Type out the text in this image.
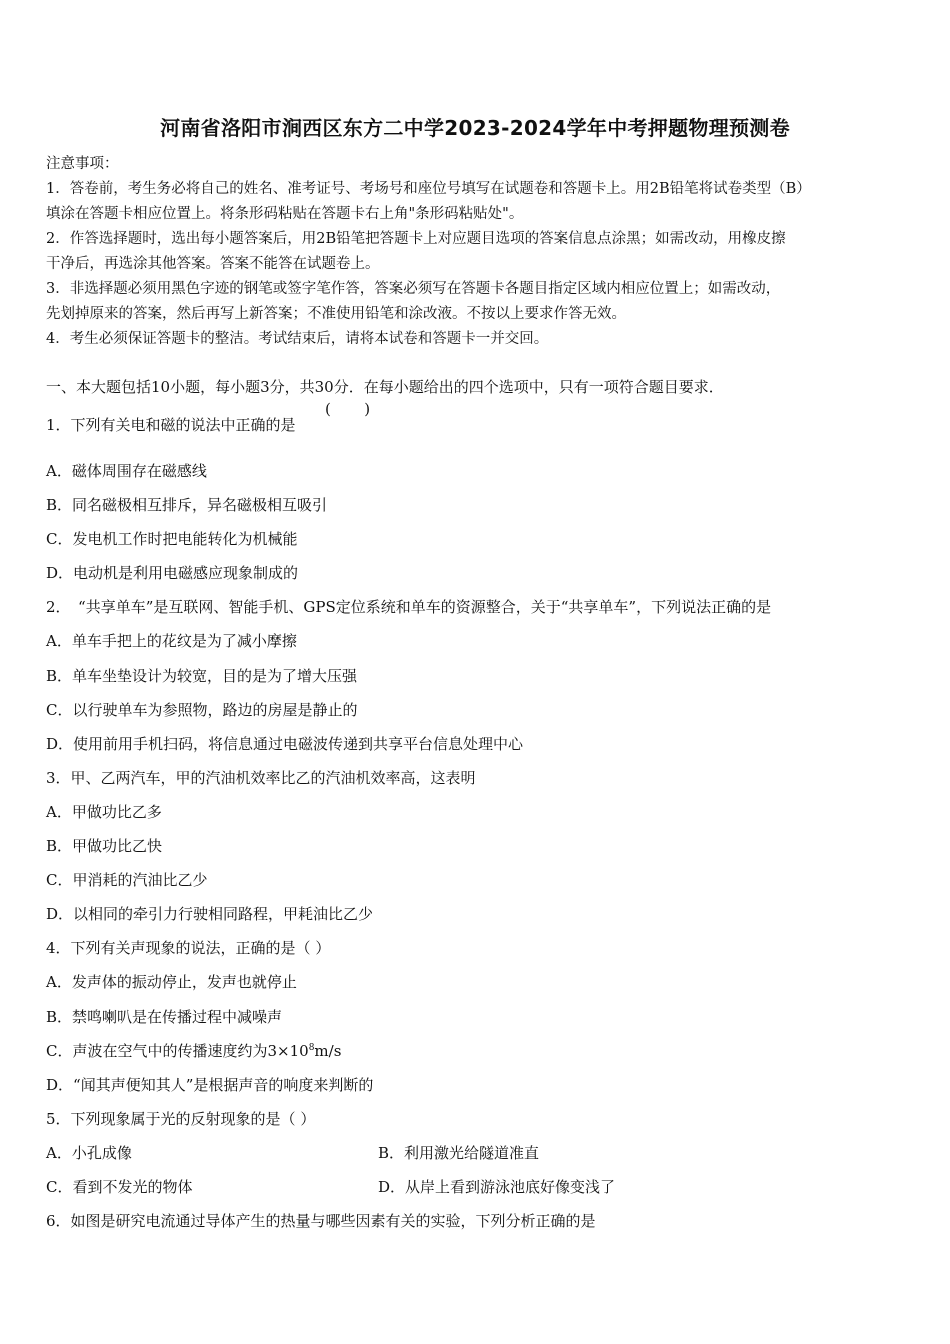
河南省洛阳市涧西区东方二中学2023-2024学年中考押题物理预测卷
注意事项：
1．答卷前，考生务必将自己的姓名、准考证号、考场号和座位号填写在试题卷和答题卡上。用2B铅笔将试卷类型（B）
填涂在答题卡相应位置上。将条形码粘贴在答题卡右上角"条形码粘贴处"。
2．作答选择题时，选出每小题答案后，用2B铅笔把答题卡上对应题目选项的答案信息点涂黑；如需改动，用橡皮擦
干净后，再选涂其他答案。答案不能答在试题卷上。
3．非选择题必须用黑色字迹的钢笔或签字笔作答，答案必须写在答题卡各题目指定区域内相应位置上；如需改动，
先划掉原来的答案，然后再写上新答案；不准使用铅笔和涂改液。不按以上要求作答无效。
4．考生必须保证答题卡的整洁。考试结束后，请将本试卷和答题卡一并交回。
一、本大题包括10小题，每小题3分，共30分．在每小题给出的四个选项中，只有一项符合题目要求．
1．下列有关电和磁的说法中正确的是
(       )
A．磁体周围存在磁感线
B．同名磁极相互排斥，异名磁极相互吸引
C．发电机工作时把电能转化为机械能
D．电动机是利用电磁感应现象制成的
2．　“共享单车”是互联网、智能手机、GPS定位系统和单车的资源整合，关于“共享单车”，下列说法正确的是
A．单车手把上的花纹是为了减小摩擦
B．单车坐垫设计为较宽，目的是为了增大压强
C．以行驶单车为参照物，路边的房屋是静止的
D．使用前用手机扫码，将信息通过电磁波传递到共享平台信息处理中心
3．甲、乙两汽车，甲的汽油机效率比乙的汽油机效率高，这表明
A．甲做功比乙多
B．甲做功比乙快
C．甲消耗的汽油比乙少
D．以相同的牵引力行驶相同路程，甲耗油比乙少
4．下列有关声现象的说法，正确的是（ ）
A．发声体的振动停止，发声也就停止
B．禁鸣喇叭是在传播过程中减噪声
C．声波在空气中的传播速度约为$3\times 10^8m/s$
D．“闻其声便知其人”是根据声音的响度来判断的
5．下列现象属于光的反射现象的是（ ）
A．小孔成像	B．利用激光给隧道准直
C．看到不发光的物体	D．从岸上看到游泳池底好像变浅了
6．如图是研究电流通过导体产生的热量与哪些因素有关的实验，下列分析正确的是
